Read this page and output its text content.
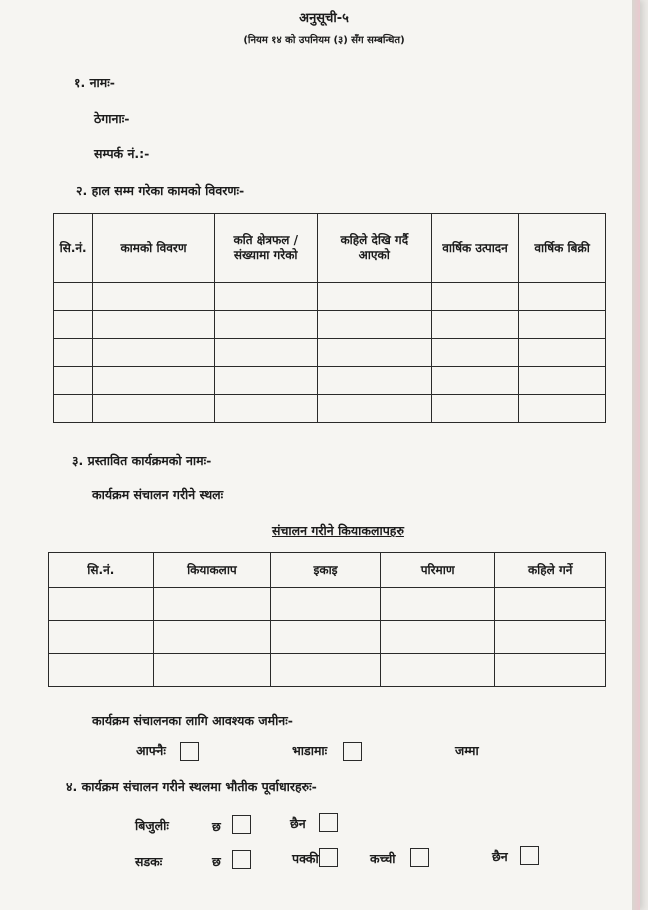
अनुसूची-५
(नियम १४ को उपनियम (३) सँग सम्बन्धित)
१. नामः-
ठेगानाः-
सम्पर्क नं.:-
२. हाल सम्म गरेका कामको विवरणः-
सि.नं.	कामको विवरण	कति क्षेत्रफल / संख्यामा गरेको	कहिले देखि गर्दै आएको	वार्षिक उत्पादन	वार्षिक बिक्री

३. प्रस्तावित कार्यक्रमको नामः-
कार्यक्रम संचालन गरीने स्थलः
संचालन गरीने कियाकलापहरु
सि.नं.	कियाकलाप	इकाइ	परिमाण	कहिले गर्ने

कार्यक्रम संचालनका लागि आवश्यक जमीनः-
आफ्नैः	भाडामाः	जम्मा
४. कार्यक्रम संचालन गरीने स्थलमा भौतीक पूर्वाधारहरुः-
बिजुलीः	छ	छैन
सडकः	छ	पक्की	कच्ची	छैन
